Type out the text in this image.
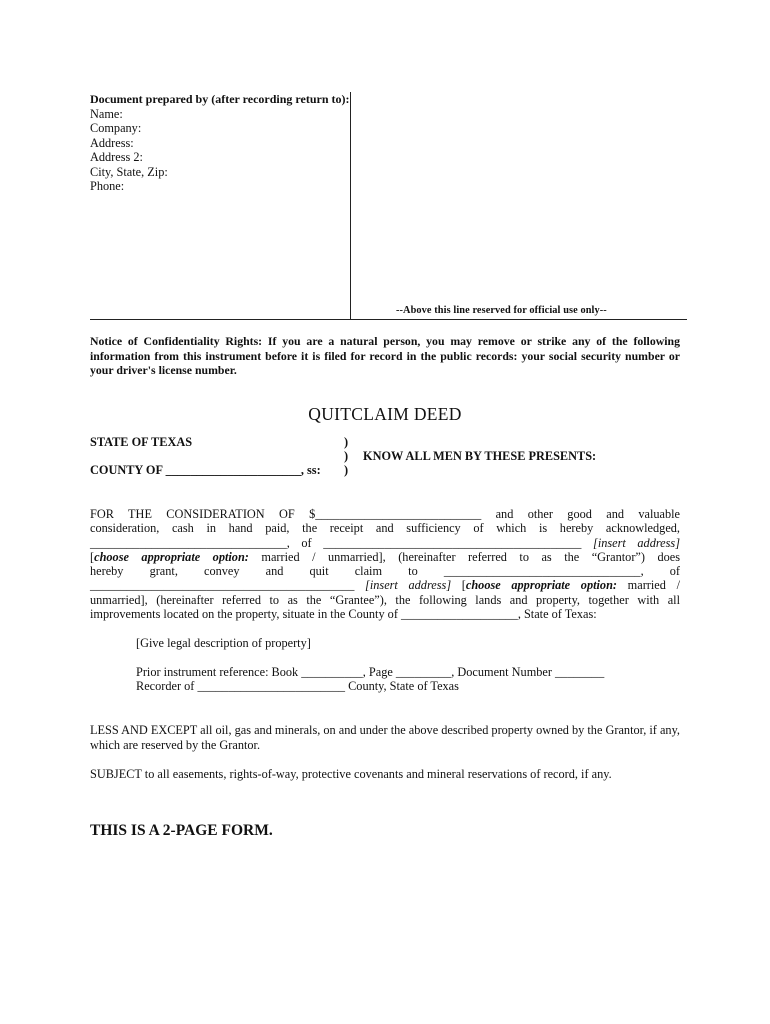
Document prepared by (after recording return to):
Name:
Company:
Address:
Address 2:
City, State, Zip:
Phone:
--Above this line reserved for official use only--
Notice of Confidentiality Rights: If you are a natural person, you may remove or strike any of the following information from this instrument before it is filed for record in the public records: your social security number or your driver's license number.
QUITCLAIM DEED
STATE OF TEXAS
COUNTY OF ______________________, ss:
)
)
)
KNOW ALL MEN BY THESE PRESENTS:
FOR THE CONSIDERATION OF $___________________________ and other good and valuable
consideration, cash in hand paid, the receipt and sufficiency of which is hereby acknowledged,
________________________________, of __________________________________________ [insert address]
[choose appropriate option: married / unmarried], (hereinafter referred to as the “Grantor”) does
hereby grant, convey and quit claim to ________________________________, of
___________________________________________ [insert address] [choose appropriate option: married /
unmarried], (hereinafter referred to as the “Grantee”), the following lands and property, together with all
improvements located on the property, situate in the County of ___________________, State of Texas:
[Give legal description of property]
Prior instrument reference: Book __________, Page _________, Document Number ________
Recorder of ________________________ County, State of Texas
LESS AND EXCEPT all oil, gas and minerals, on and under the above described property owned by the Grantor, if any, which are reserved by the Grantor.
SUBJECT to all easements, rights-of-way, protective covenants and mineral reservations of record, if any.
THIS IS A 2-PAGE FORM.
